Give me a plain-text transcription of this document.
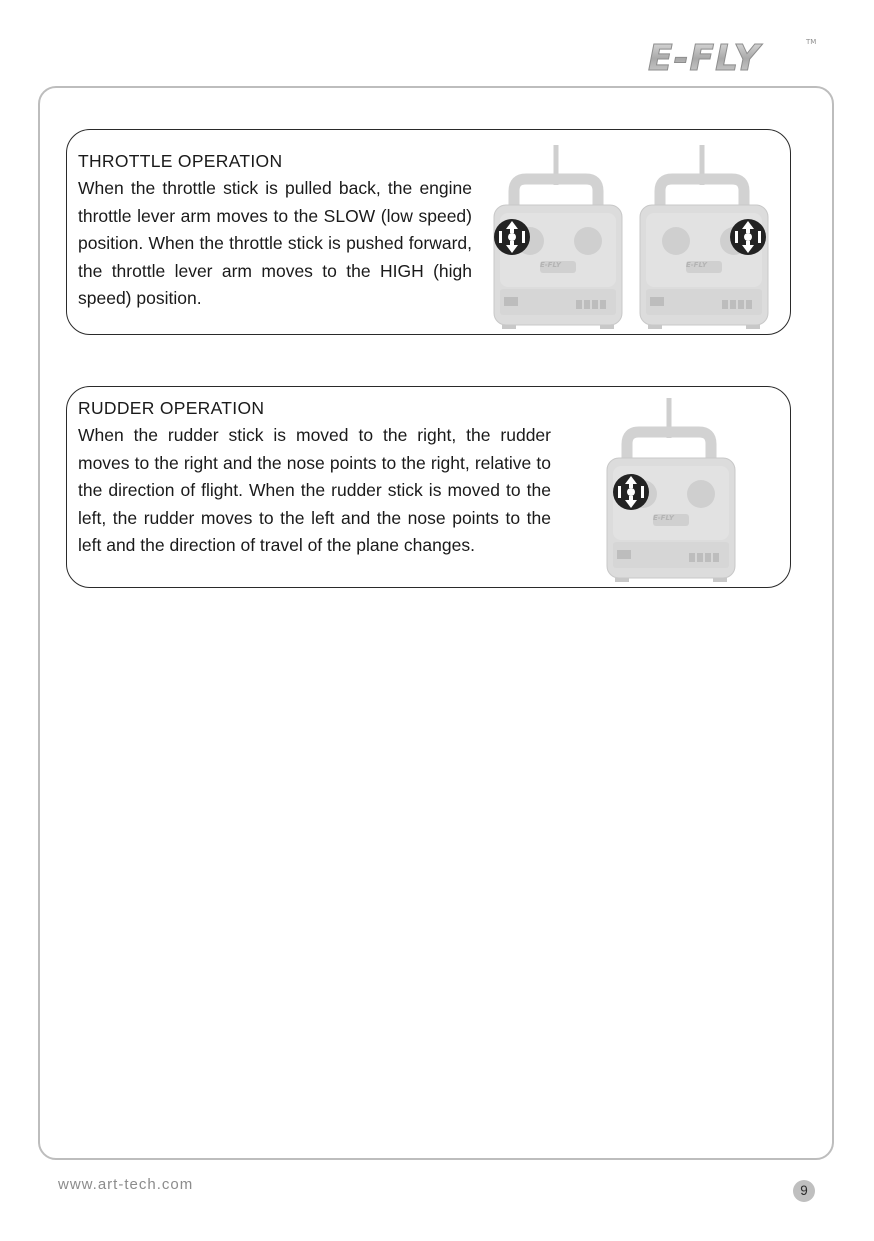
E-FLY	TM
THROTTLE OPERATION

When the throttle stick is pulled back, the engine throttle lever arm moves to the SLOW (low speed) position. When the throttle stick is pushed forward, the throttle lever arm moves to the HIGH (high speed) position.

E-FLY	E-FLY
RUDDER OPERATION

When the rudder stick is moved to the right, the rudder moves to the right and the nose points to the right, relative to the direction of flight. When the rudder stick is moved to the left, the rudder moves to the left and the nose points to the left and the direction of travel of the plane changes.

E-FLY
www.art-tech.com	9
